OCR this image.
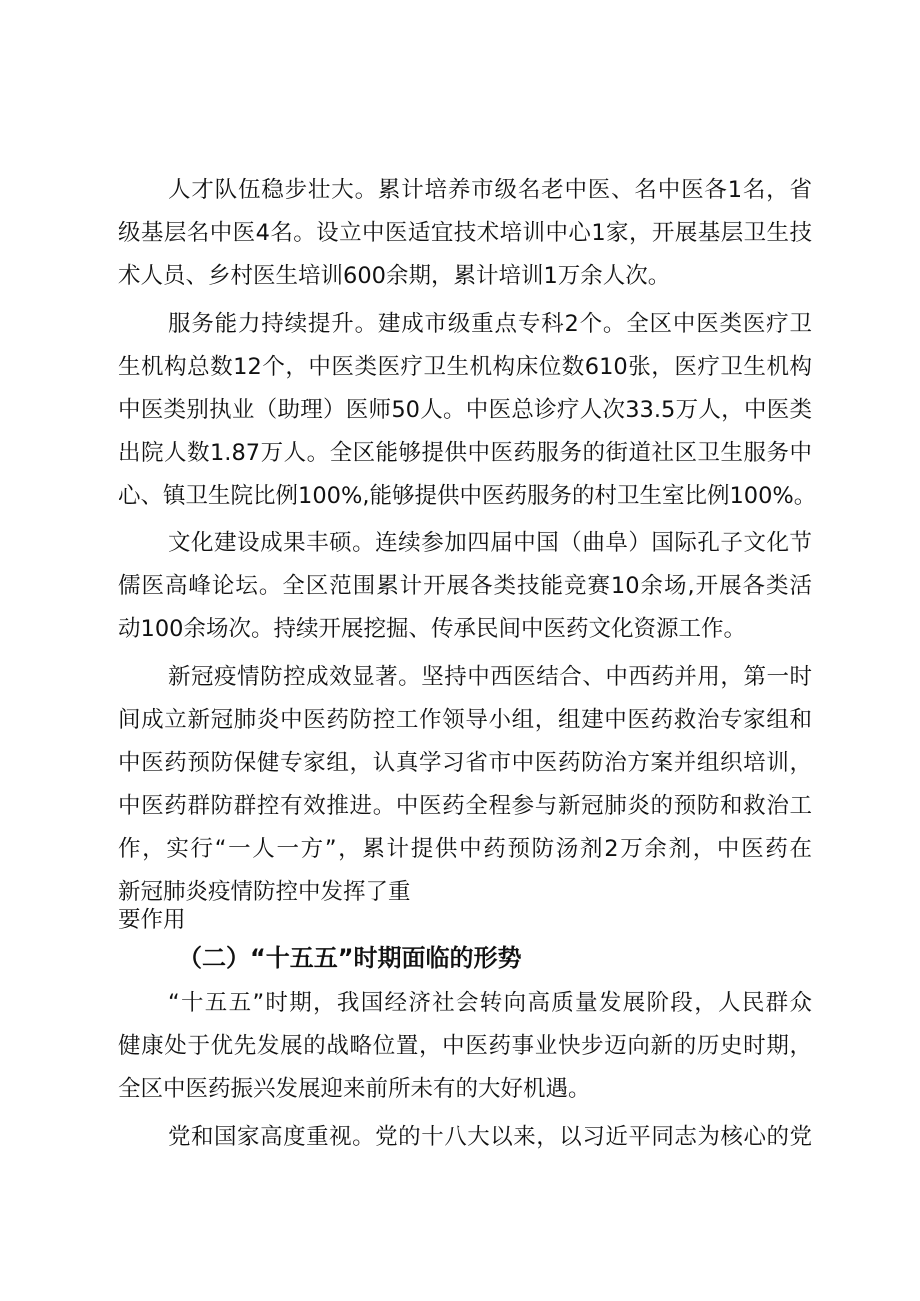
人才队伍稳步壮大。累计培养市级名老中医、名中医各1名，省
级基层名中医4名。设立中医适宜技术培训中心1家，开展基层卫生技
术人员、乡村医生培训600余期，累计培训1万余人次。
服务能力持续提升。建成市级重点专科2个。全区中医类医疗卫
生机构总数12个，中医类医疗卫生机构床位数610张，医疗卫生机构
中医类别执业（助理）医师50人。中医总诊疗人次33.5万人，中医类
出院人数1.87万人。全区能够提供中医药服务的街道社区卫生服务中
心、镇卫生院比例100%,能够提供中医药服务的村卫生室比例100%。
文化建设成果丰硕。连续参加四届中国（曲阜）国际孔子文化节
儒医高峰论坛。全区范围累计开展各类技能竞赛10余场,开展各类活
动100余场次。持续开展挖掘、传承民间中医药文化资源工作。
新冠疫情防控成效显著。坚持中西医结合、中西药并用，第一时
间成立新冠肺炎中医药防控工作领导小组，组建中医药救治专家组和
中医药预防保健专家组，认真学习省市中医药防治方案并组织培训，
中医药群防群控有效推进。中医药全程参与新冠肺炎的预防和救治工
作，实行“一人一方”，累计提供中药预防汤剂2万余剂，中医药在
新冠肺炎疫情防控中发挥了重
要作用
（二）“十五五”时期面临的形势
“十五五”时期，我国经济社会转向高质量发展阶段，人民群众
健康处于优先发展的战略位置，中医药事业快步迈向新的历史时期，
全区中医药振兴发展迎来前所未有的大好机遇。
党和国家高度重视。党的十八大以来，以习近平同志为核心的党
